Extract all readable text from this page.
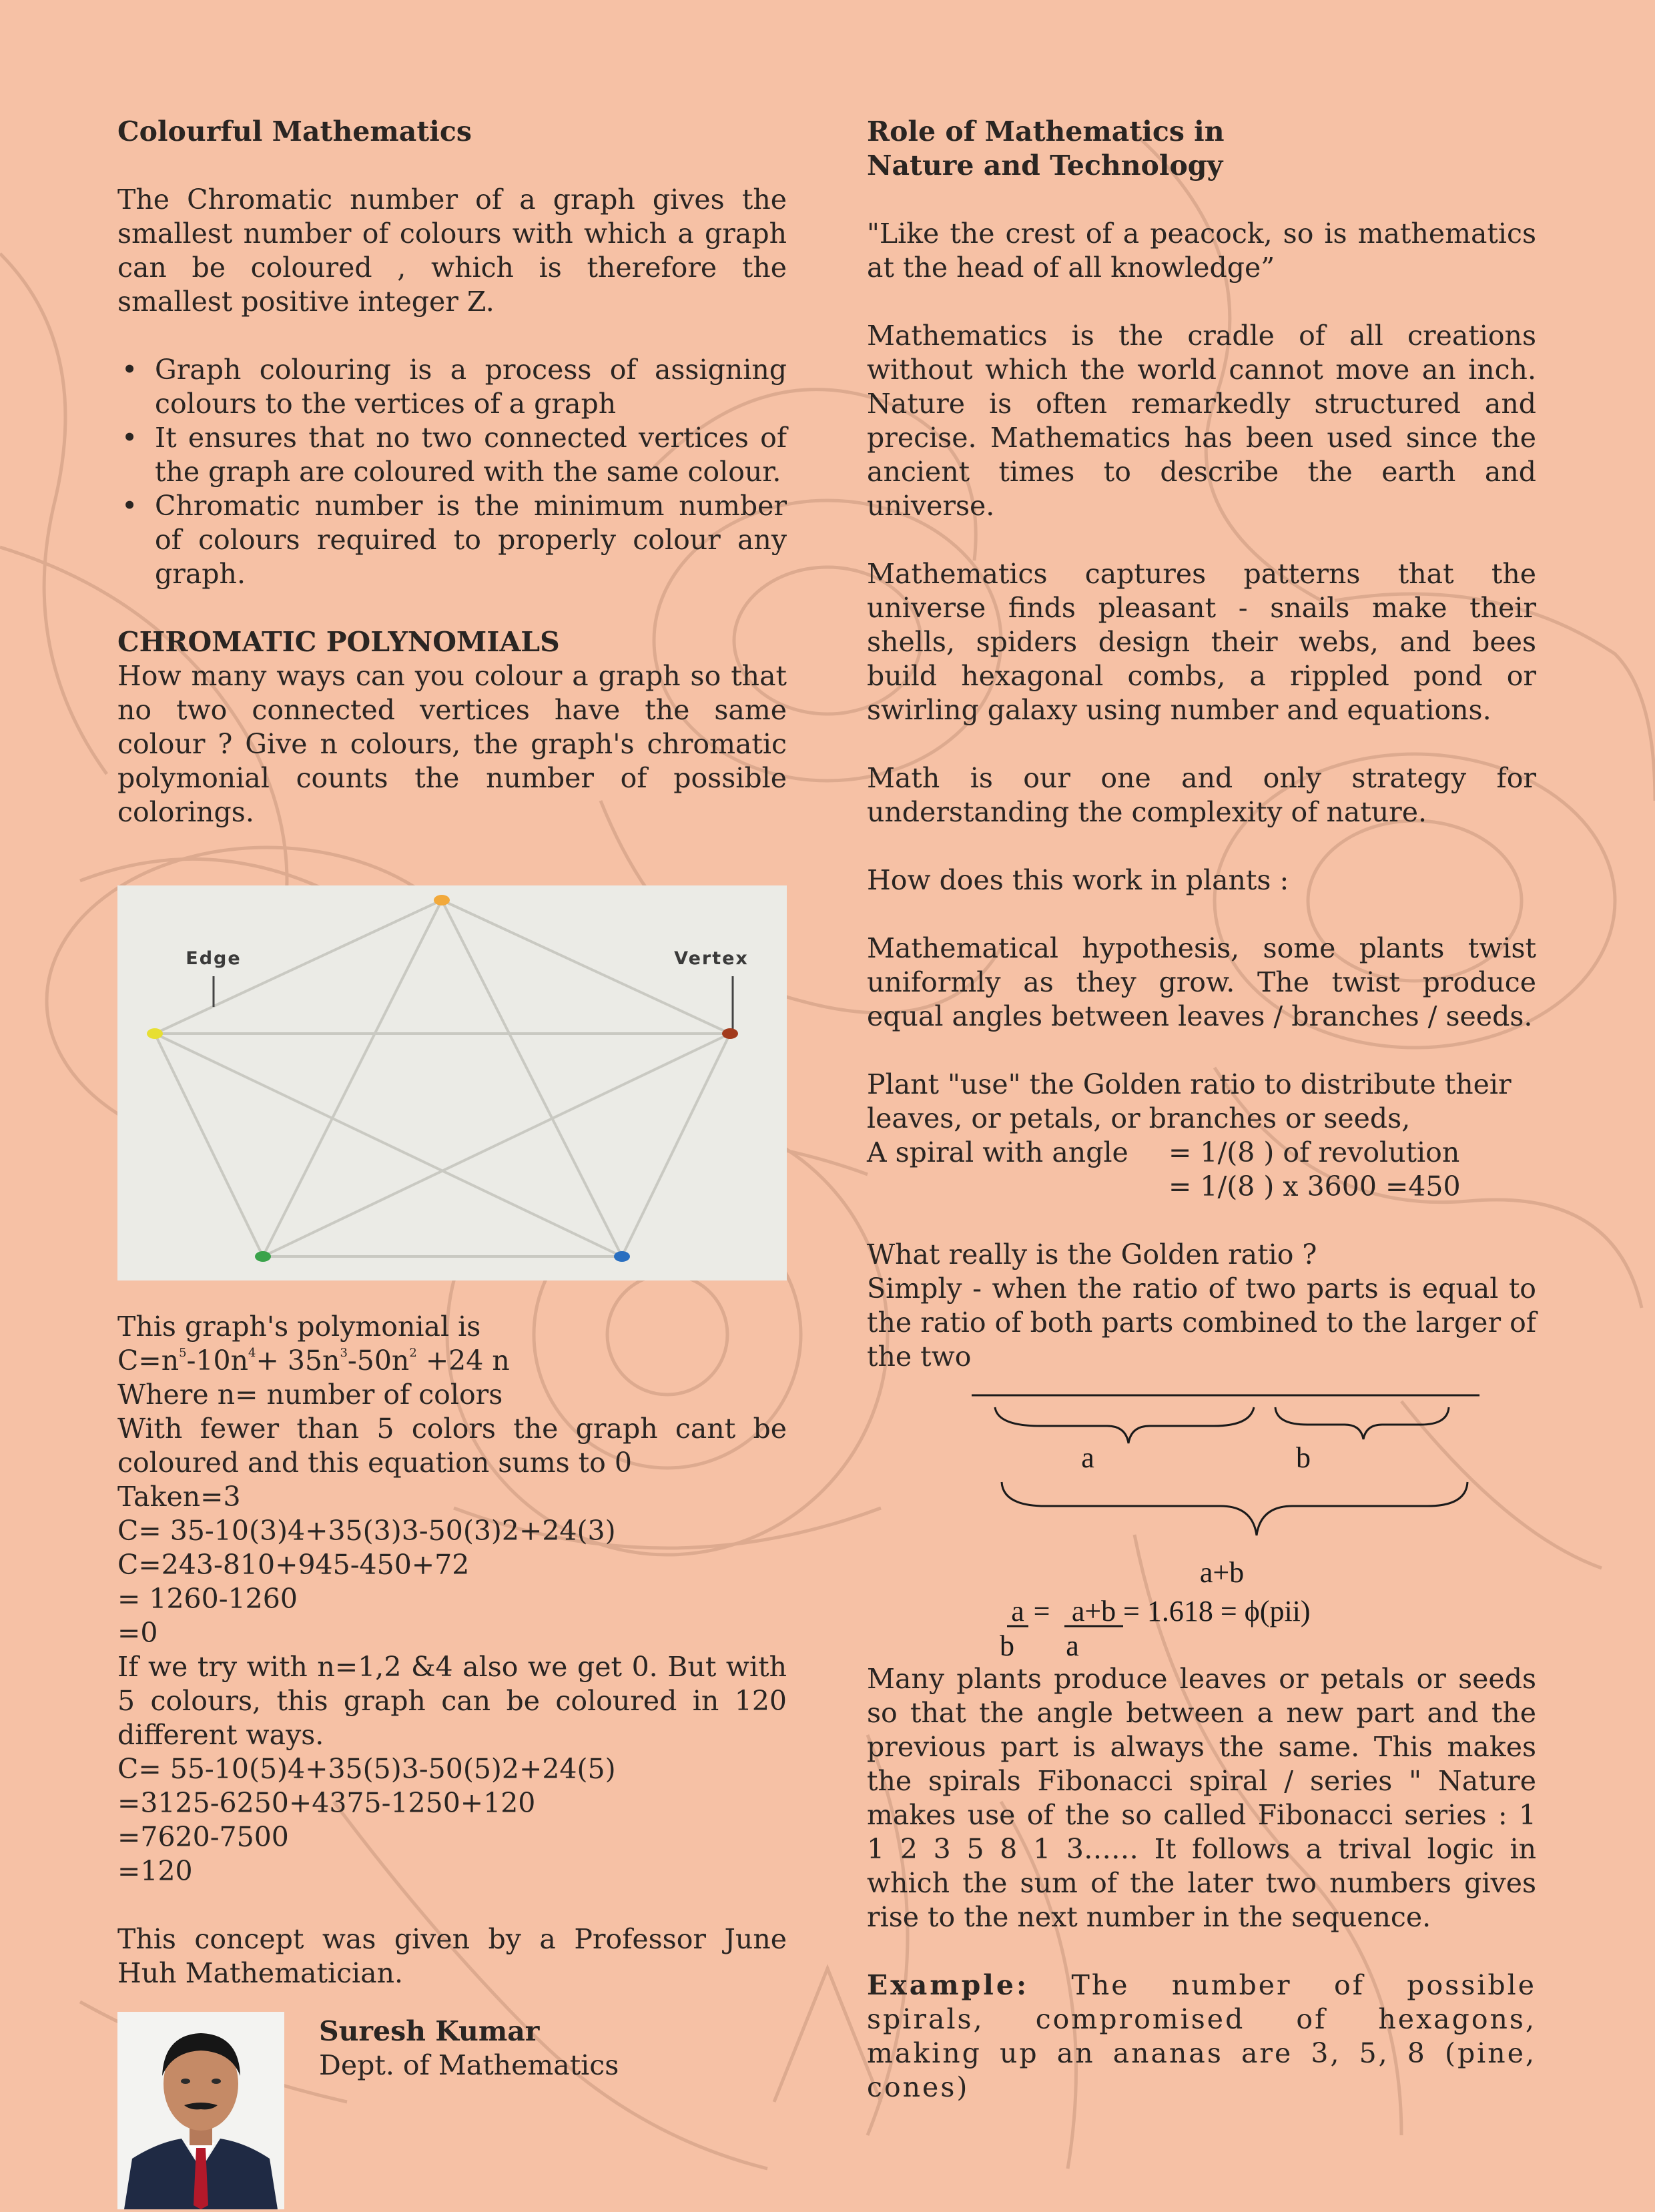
Colourful Mathematics

The Chromatic number of a graph gives the smallest number of colours with which a graph can be coloured , which is therefore the smallest positive integer Z.

• Graph colouring is a process of assigning colours to the vertices of a graph
• It ensures that no two connected vertices of the graph are coloured with the same colour.
• Chromatic number is the minimum number of colours required to properly colour any graph.
CHROMATIC POLYNOMIALS

How many ways can you colour a graph so that no two connected vertices have the same colour ? Give n colours, the graph's chromatic polymonial counts the number of possible colorings.

Edge	Vertex

This graph's polymonial is

$C=n^5-10n^4+ 35n^3-50n^2 +24$ n

Where n= number of colors

With fewer than 5 colors the graph cant be coloured and this equation sums to 0

Taken=3

C= 35-10(3)4+35(3)3-50(3)2+24(3)

C=243-810+945-450+72

= 1260-1260

=0

If we try with n=1,2 &4 also we get 0. But with 5 colours, this graph can be coloured in 120 different ways.

C= 55-10(5)4+35(5)3-50(5)2+24(5)

=3125-6250+4375-1250+120

=7620-7500

=120

This concept was given by a Professor June Huh Mathematician.

Suresh Kumar

Dept. of Mathematics

Role of Mathematics in
Nature and Technology

"Like the crest of a peacock, so is mathematics at the head of all knowledge”

Mathematics is the cradle of all creations without which the world cannot move an inch. Nature is often remarkedly structured and precise. Mathematics has been used since the ancient times to describe the earth and universe.

Mathematics captures patterns that the universe finds pleasant - snails make their shells, spiders design their webs, and bees build hexagonal combs, a rippled pond or swirling galaxy using number and equations.

Math is our one and only strategy for understanding the complexity of nature.

How does this work in plants :

Mathematical hypothesis, some plants twist uniformly as they grow. The twist produce equal angles between leaves / branches / seeds.

Plant "use" the Golden ratio to distribute their leaves, or petals, or branches or seeds,

A spiral with angle	= 1/(8 ) of revolution

= 1/(8 ) x 3600 =450

What really is the Golden ratio ?

Simply - when the ratio of two parts is equal to the ratio of both parts combined to the larger of the two

a	b
a+b
a = a+b = 1.618 = ϕ(pii)
b a

Many plants produce leaves or petals or seeds so that the angle between a new part and the previous part is always the same. This makes the spirals Fibonacci spiral / series " Nature makes use of the so called Fibonacci series : 1 1 2 3 5 8 1 3…… It follows a trival logic in which the sum of the later two numbers gives rise to the next number in the sequence.

Example: The number of possible spirals, compromised of hexagons, making up an ananas are 3, 5, 8 (pine, cones)
